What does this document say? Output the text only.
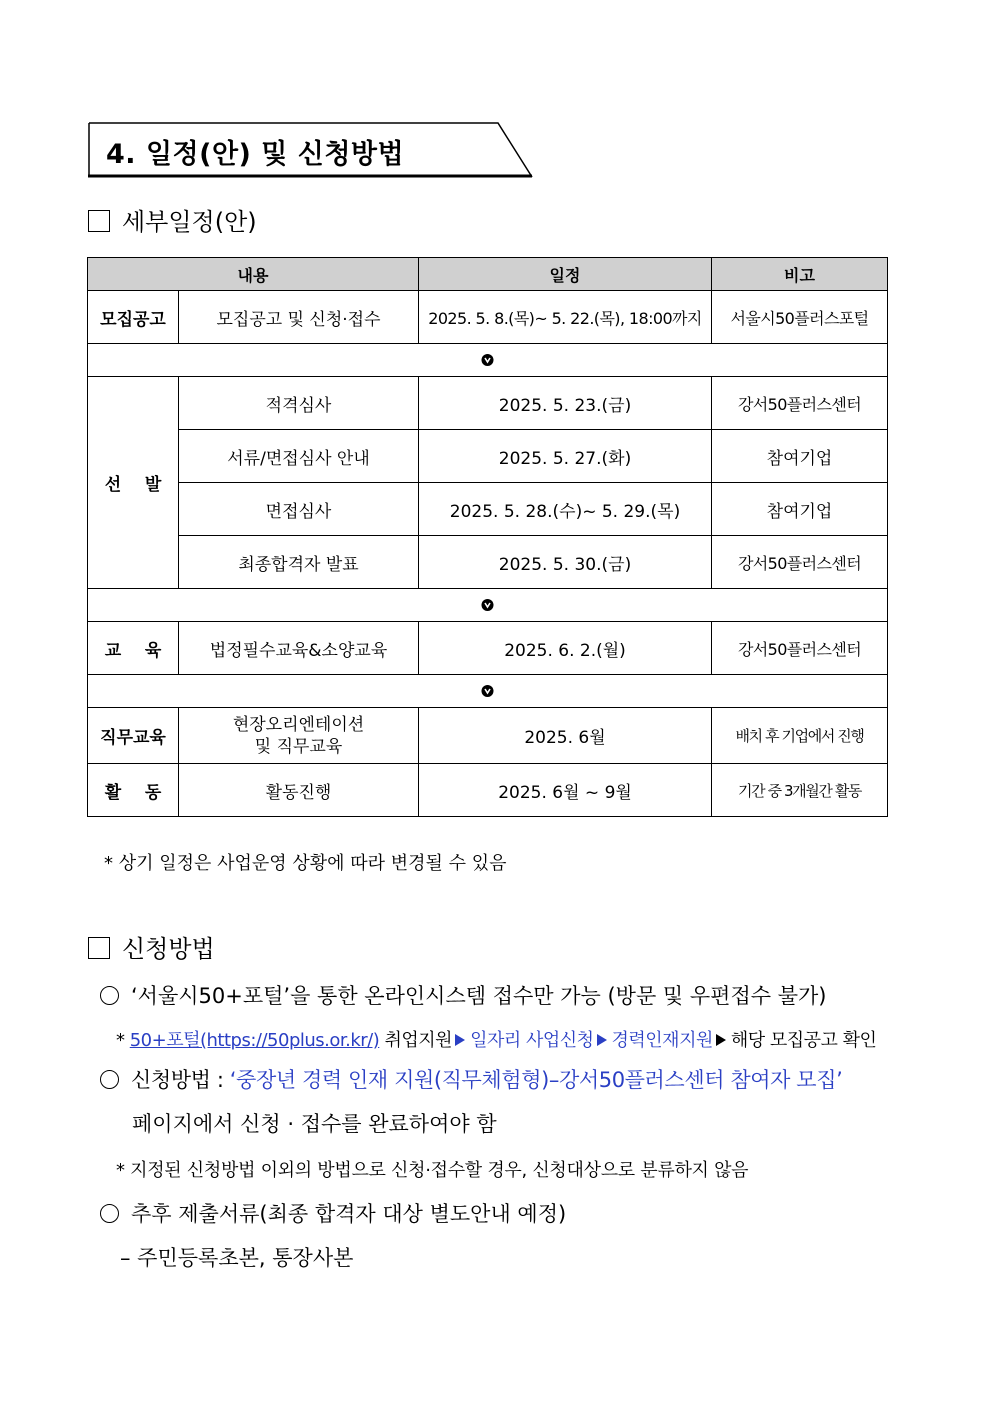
4. 일정(안) 및 신청방법
세부일정(안)
내용		일정	비고
모집공고	모집공고 및 신청·접수	2025. 5. 8.(목)~ 5. 22.(목), 18:00까지	서울시50플러스포털

선    발	적격심사	2025. 5. 23.(금)	강서50플러스센터
	서류/면접심사 안내	2025. 5. 27.(화)	참여기업
	면접심사	2025. 5. 28.(수)~ 5. 29.(목)	참여기업
	최종합격자 발표	2025. 5. 30.(금)	강서50플러스센터

교    육	법정필수교육&소양교육	2025. 6. 2.(월)	강서50플러스센터

직무교육	현장오리엔테이션
및 직무교육	2025. 6월	배치 후 기업에서 진행
활    동	활동진행	2025. 6월 ~ 9월	기간 중 3개월간 활동
* 상기 일정은 사업운영 상황에 따라 변경될 수 있음
신청방법
‘서울시50+포털’을 통한 온라인시스템 접수만 가능 (방문 및 우편접수 불가)
* 50+포털(https://50plus.or.kr/) 취업지원 일자리 사업신청 경력인재지원 해당 모집공고 확인
신청방법 : ‘중장년 경력 인재 지원(직무체험형)–강서50플러스센터 참여자 모집’
페이지에서 신청 · 접수를 완료하여야 함
* 지정된 신청방법 이외의 방법으로 신청·접수할 경우, 신청대상으로 분류하지 않음
추후 제출서류(최종 합격자 대상 별도안내 예정)
– 주민등록초본, 통장사본
